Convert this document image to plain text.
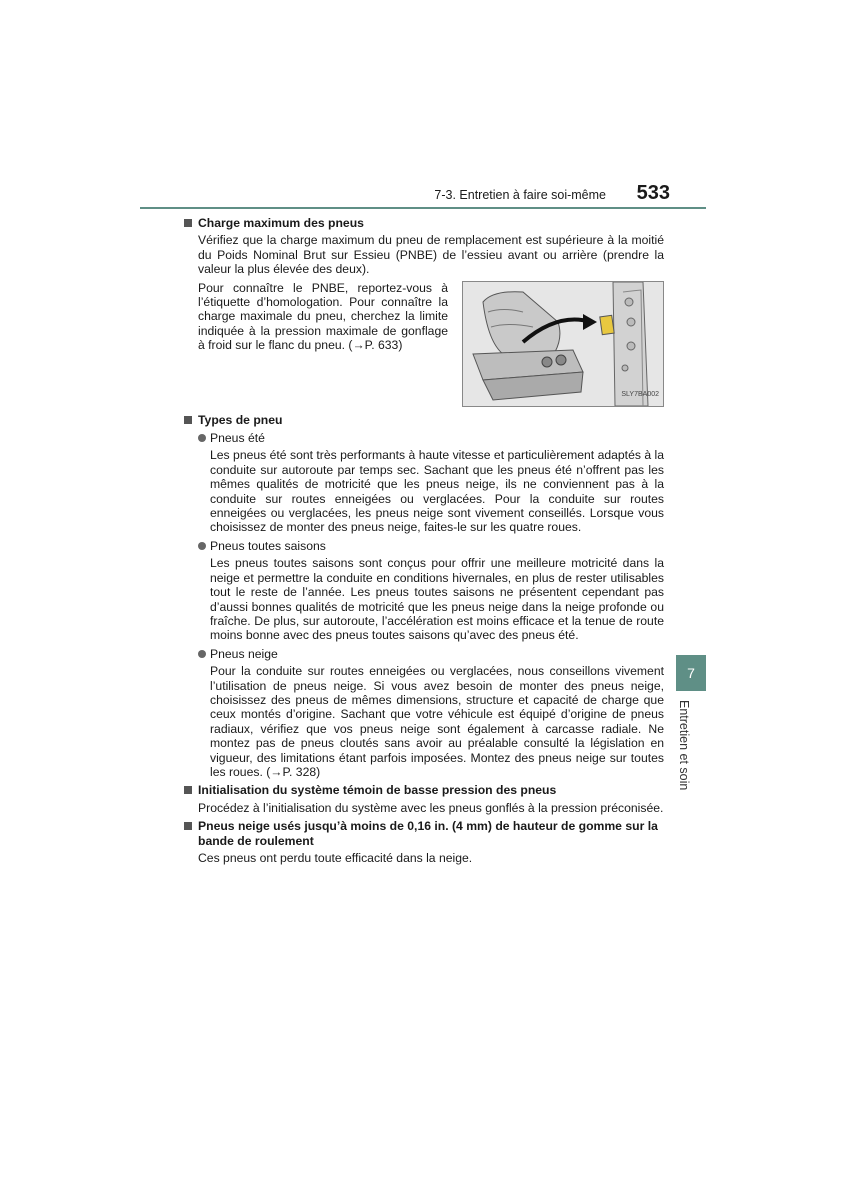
7-3. Entretien à faire soi-même 533

Charge maximum des pneus

Vérifiez que la charge maximum du pneu de remplacement est supérieure à la moitié du Poids Nominal Brut sur Essieu (PNBE) de l’essieu avant ou arrière (prendre la valeur la plus élevée des deux).

Pour connaître le PNBE, reportez-vous à l’étiquette d’homologation. Pour connaître la charge maximale du pneu, cherchez la limite indiquée à la pression maximale de gonflage à froid sur le flanc du pneu. (→P. 633)
SLY7BA002

Types de pneu

Pneus été

Les pneus été sont très performants à haute vitesse et particulièrement adaptés à la conduite sur autoroute par temps sec. Sachant que les pneus été n’offrent pas les mêmes qualités de motricité que les pneus neige, ils ne conviennent pas à la conduite sur routes enneigées ou verglacées. Pour la conduite sur routes enneigées ou verglacées, les pneus neige sont vivement conseillés. Lorsque vous choisissez de monter des pneus neige, faites-le sur les quatre roues.

Pneus toutes saisons

Les pneus toutes saisons sont conçus pour offrir une meilleure motricité dans la neige et permettre la conduite en conditions hivernales, en plus de rester utilisables tout le reste de l’année. Les pneus toutes saisons ne présentent cependant pas d’aussi bonnes qualités de motricité que les pneus neige dans la neige profonde ou fraîche. De plus, sur autoroute, l’accélération est moins efficace et la tenue de route moins bonne avec des pneus toutes saisons qu’avec des pneus été.

Pneus neige

Pour la conduite sur routes enneigées ou verglacées, nous conseillons vivement l’utilisation de pneus neige. Si vous avez besoin de monter des pneus neige, choisissez des pneus de mêmes dimensions, structure et capacité de charge que ceux montés d’origine. Sachant que votre véhicule est équipé d’origine de pneus radiaux, vérifiez que vos pneus neige sont également à carcasse radiale. Ne montez pas de pneus cloutés sans avoir au préalable consulté la législation en vigueur, des limitations étant parfois imposées. Montez des pneus neige sur toutes les roues. (→P. 328)

Initialisation du système témoin de basse pression des pneus

Procédez à l’initialisation du système avec les pneus gonflés à la pression préconisée.

Pneus neige usés jusqu’à moins de 0,16 in. (4 mm) de hauteur de gomme sur la bande de roulement

Ces pneus ont perdu toute efficacité dans la neige.

7
Entretien et soin
